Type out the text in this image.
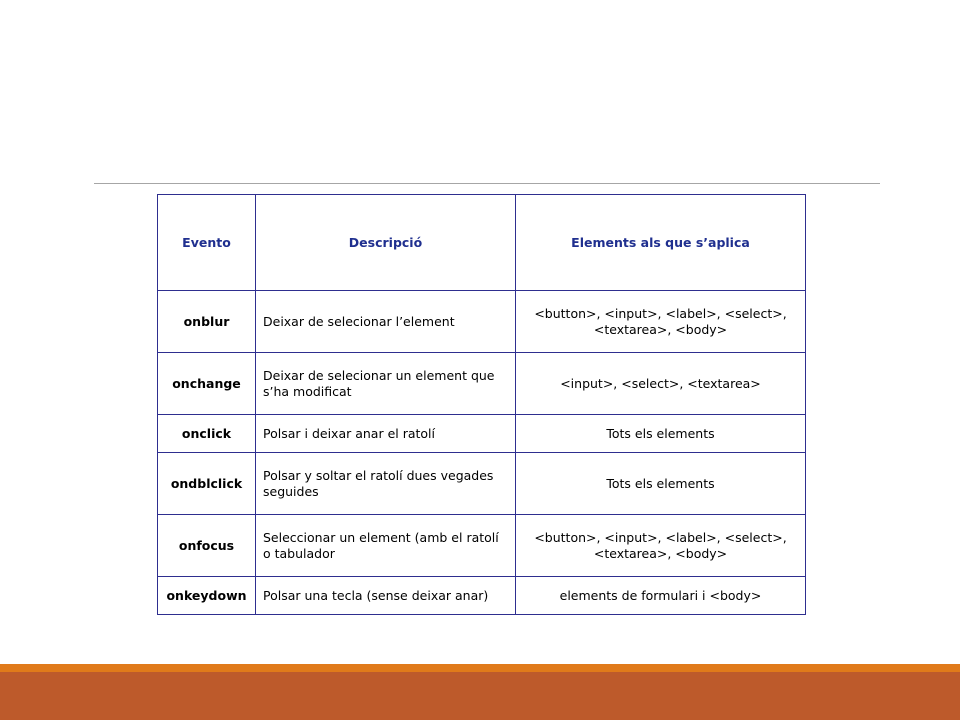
Evento	Descripció	Elements als que s’aplica
onblur	Deixar de selecionar l’element	<button>, <input>, <label>, <select>, <textarea>, <body>
onchange	Deixar de selecionar un element que s’ha modificat	<input>, <select>, <textarea>
onclick	Polsar i deixar anar el ratolí	Tots els elements
ondblclick	Polsar y soltar el ratolí dues vegades seguides	Tots els elements
onfocus	Seleccionar un element (amb el ratolí o tabulador	<button>, <input>, <label>, <select>, <textarea>, <body>
onkeydown	Polsar una tecla (sense deixar anar)	elements de formulari i <body>
